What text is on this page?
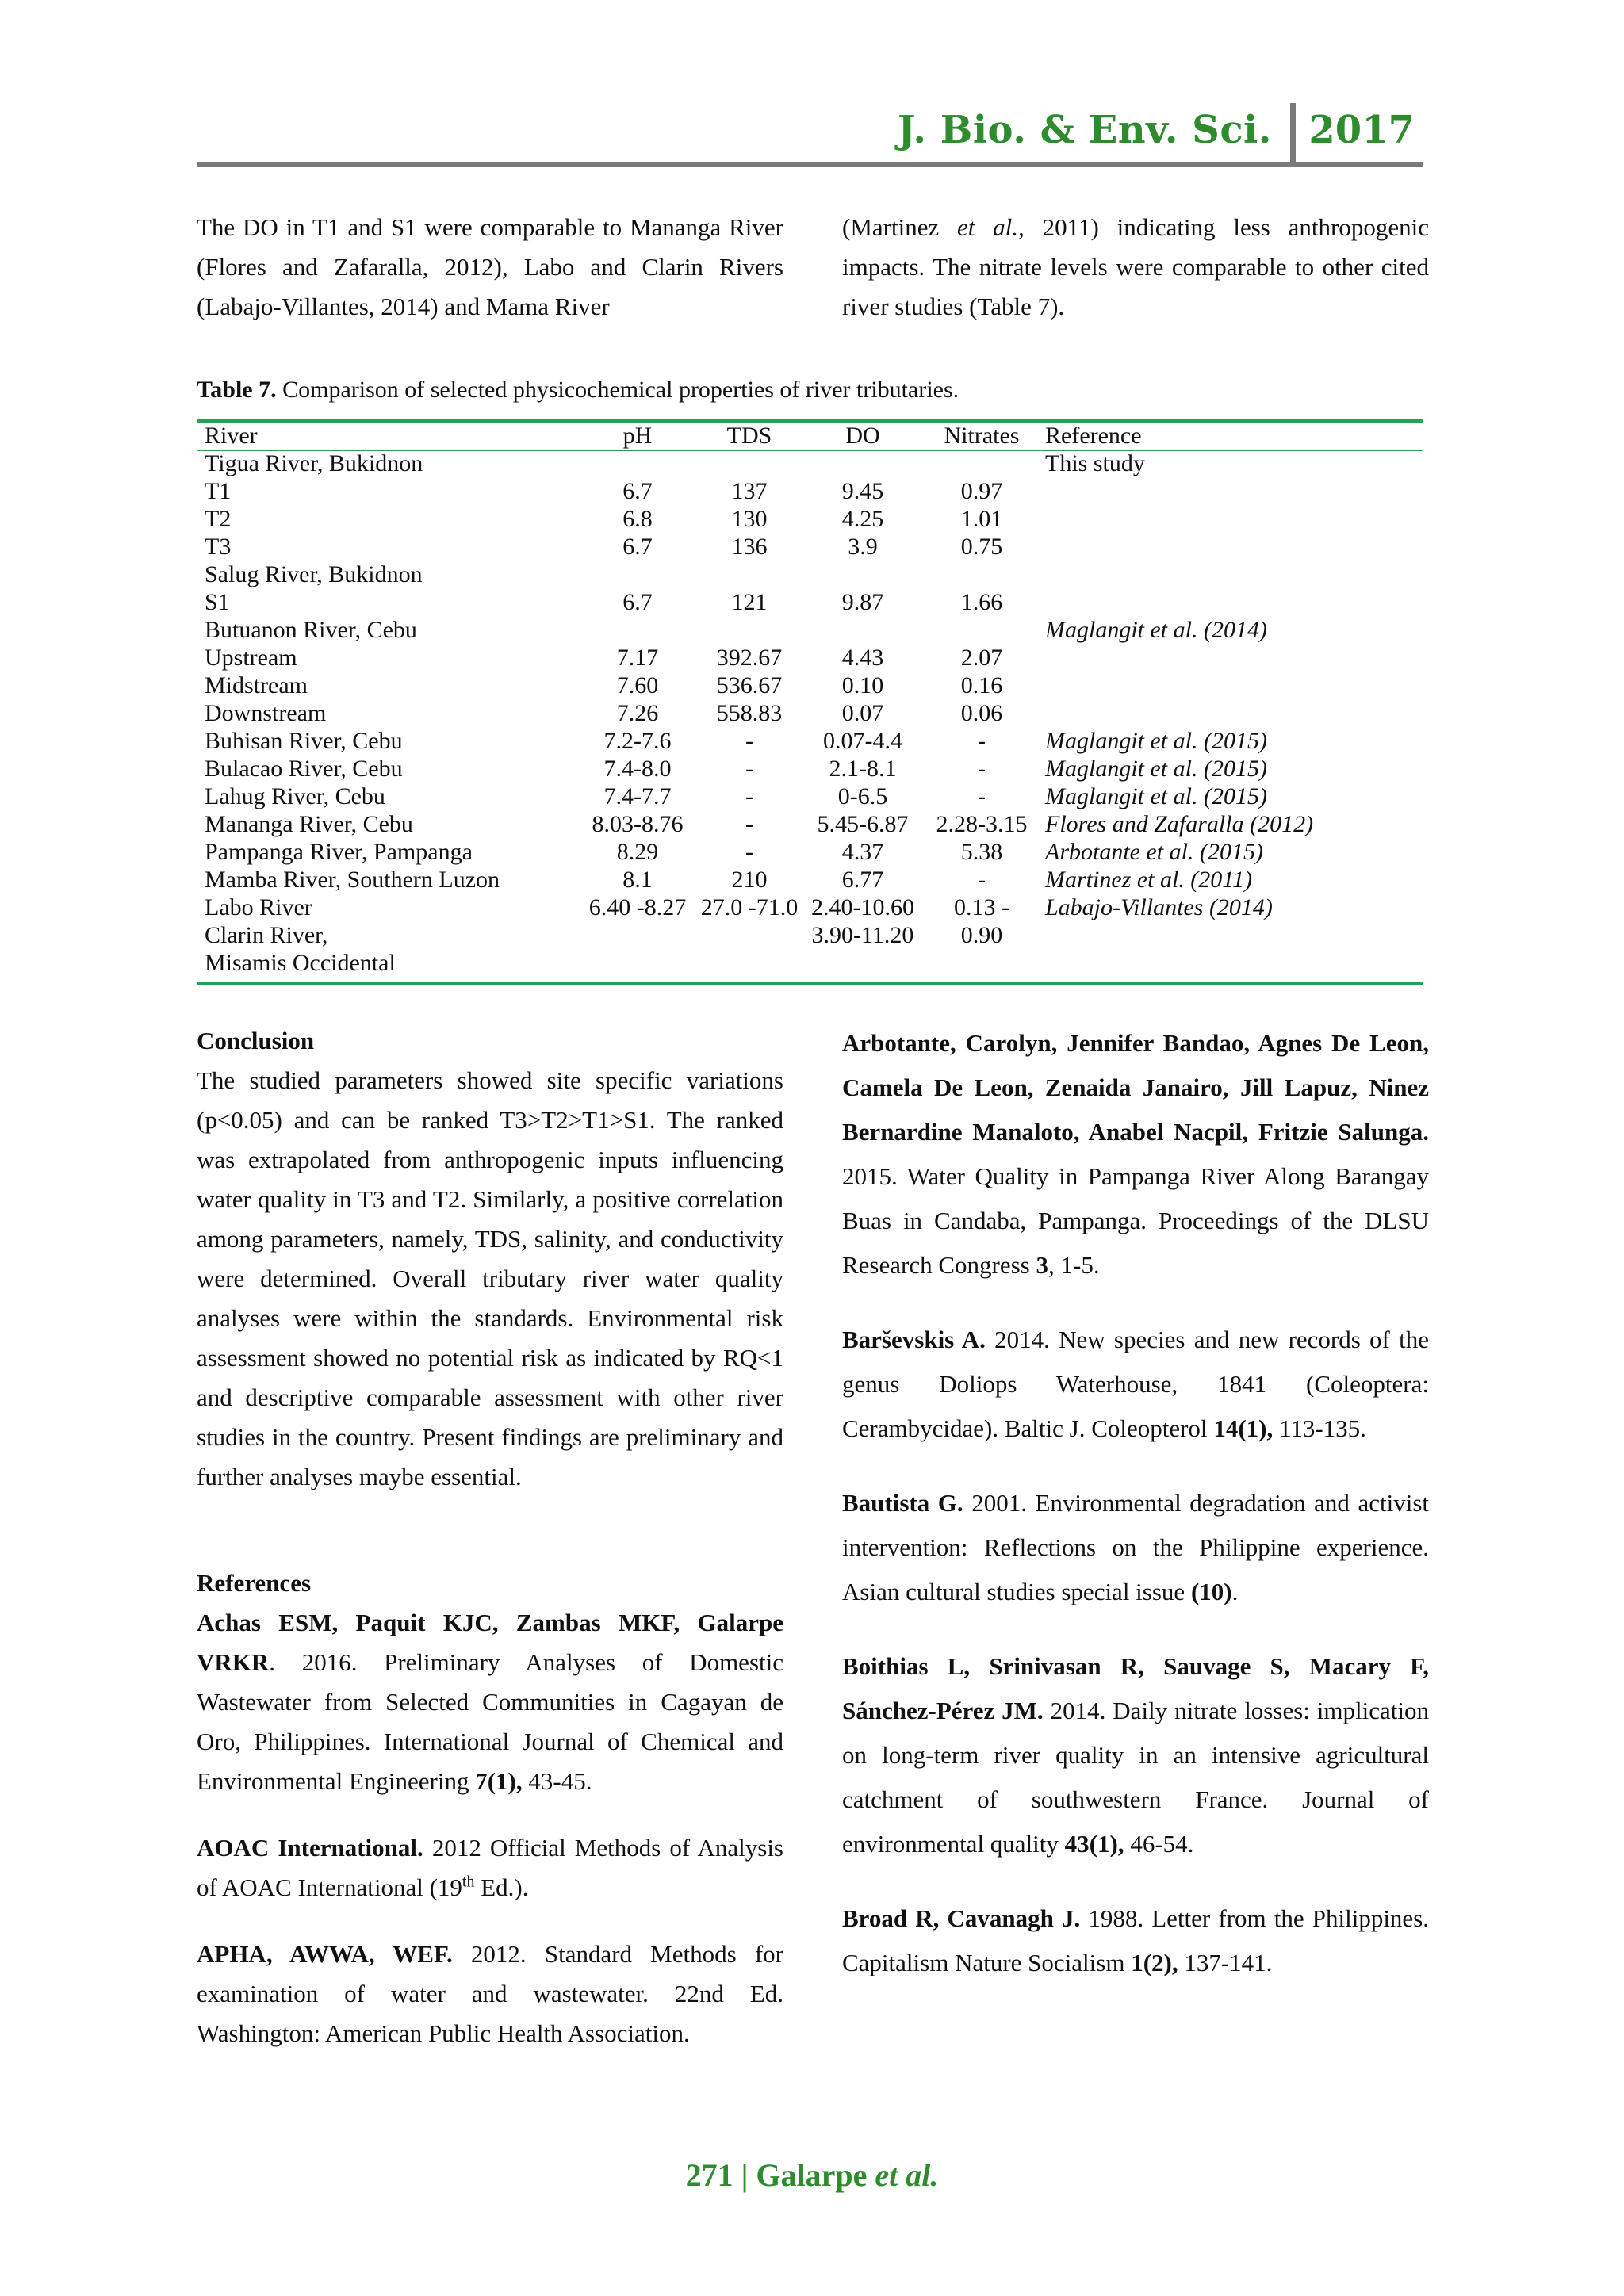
J. Bio. & Env. Sci. 2017

The DO in T1 and S1 were comparable to Mananga River (Flores and Zafaralla, 2012), Labo and Clarin Rivers (Labajo-Villantes, 2014) and Mama River

(Martinez et al., 2011) indicating less anthropogenic impacts. The nitrate levels were comparable to other cited river studies (Table 7).

Table 7. Comparison of selected physicochemical properties of river tributaries.
River	pH	TDS	DO	Nitrates	Reference
Tigua River, Bukidnon					This study
T1	6.7	137	9.45	0.97	
T2	6.8	130	4.25	1.01	
T3	6.7	136	3.9	0.75	
Salug River, Bukidnon					
S1	6.7	121	9.87	1.66	
Butuanon River, Cebu					Maglangit et al. (2014)
Upstream	7.17	392.67	4.43	2.07	
Midstream	7.60	536.67	0.10	0.16	
Downstream	7.26	558.83	0.07	0.06	
Buhisan River, Cebu	7.2-7.6	-	0.07-4.4	-	Maglangit et al. (2015)
Bulacao River, Cebu	7.4-8.0	-	2.1-8.1	-	Maglangit et al. (2015)
Lahug River, Cebu	7.4-7.7	-	0-6.5	-	Maglangit et al. (2015)
Mananga River, Cebu	8.03-8.76	-	5.45-6.87	2.28-3.15	Flores and Zafaralla (2012)
Pampanga River, Pampanga	8.29	-	4.37	5.38	Arbotante et al. (2015)
Mamba River, Southern Luzon	8.1	210	6.77	-	Martinez et al. (2011)
Labo River	6.40 -8.27	27.0 -71.0	2.40-10.60	0.13 -	Labajo-Villantes (2014)
Clarin River,			3.90-11.20	0.90	
Misamis Occidental					

Conclusion

The studied parameters showed site specific variations (p<0.05) and can be ranked T3>T2>T1>S1. The ranked was extrapolated from anthropogenic inputs influencing water quality in T3 and T2. Similarly, a positive correlation among parameters, namely, TDS, salinity, and conductivity were determined. Overall tributary river water quality analyses were within the standards. Environmental risk assessment showed no potential risk as indicated by RQ<1 and descriptive comparable assessment with other river studies in the country. Present findings are preliminary and further analyses maybe essential.

References

Achas ESM, Paquit KJC, Zambas MKF, Galarpe VRKR. 2016. Preliminary Analyses of Domestic Wastewater from Selected Communities in Cagayan de Oro, Philippines. International Journal of Chemical and Environmental Engineering 7(1), 43-45.

AOAC International. 2012 Official Methods of Analysis of AOAC International (19th Ed.).

APHA, AWWA, WEF. 2012. Standard Methods for examination of water and wastewater. 22nd Ed. Washington: American Public Health Association.

Arbotante, Carolyn, Jennifer Bandao, Agnes De Leon, Camela De Leon, Zenaida Janairo, Jill Lapuz, Ninez Bernardine Manaloto, Anabel Nacpil, Fritzie Salunga. 2015. Water Quality in Pampanga River Along Barangay Buas in Candaba, Pampanga. Proceedings of the DLSU Research Congress 3, 1-5.

Barševskis A. 2014. New species and new records of the genus Doliops Waterhouse, 1841 (Coleoptera: Cerambycidae). Baltic J. Coleopterol 14(1), 113-135.

Bautista G. 2001. Environmental degradation and activist intervention: Reflections on the Philippine experience. Asian cultural studies special issue (10).

Boithias L, Srinivasan R, Sauvage S, Macary F, Sánchez-Pérez JM. 2014. Daily nitrate losses: implication on long-term river quality in an intensive agricultural catchment of southwestern France. Journal of environmental quality 43(1), 46-54.

Broad R, Cavanagh J. 1988. Letter from the Philippines. Capitalism Nature Socialism 1(2), 137-141.

271 | Galarpe et al.
